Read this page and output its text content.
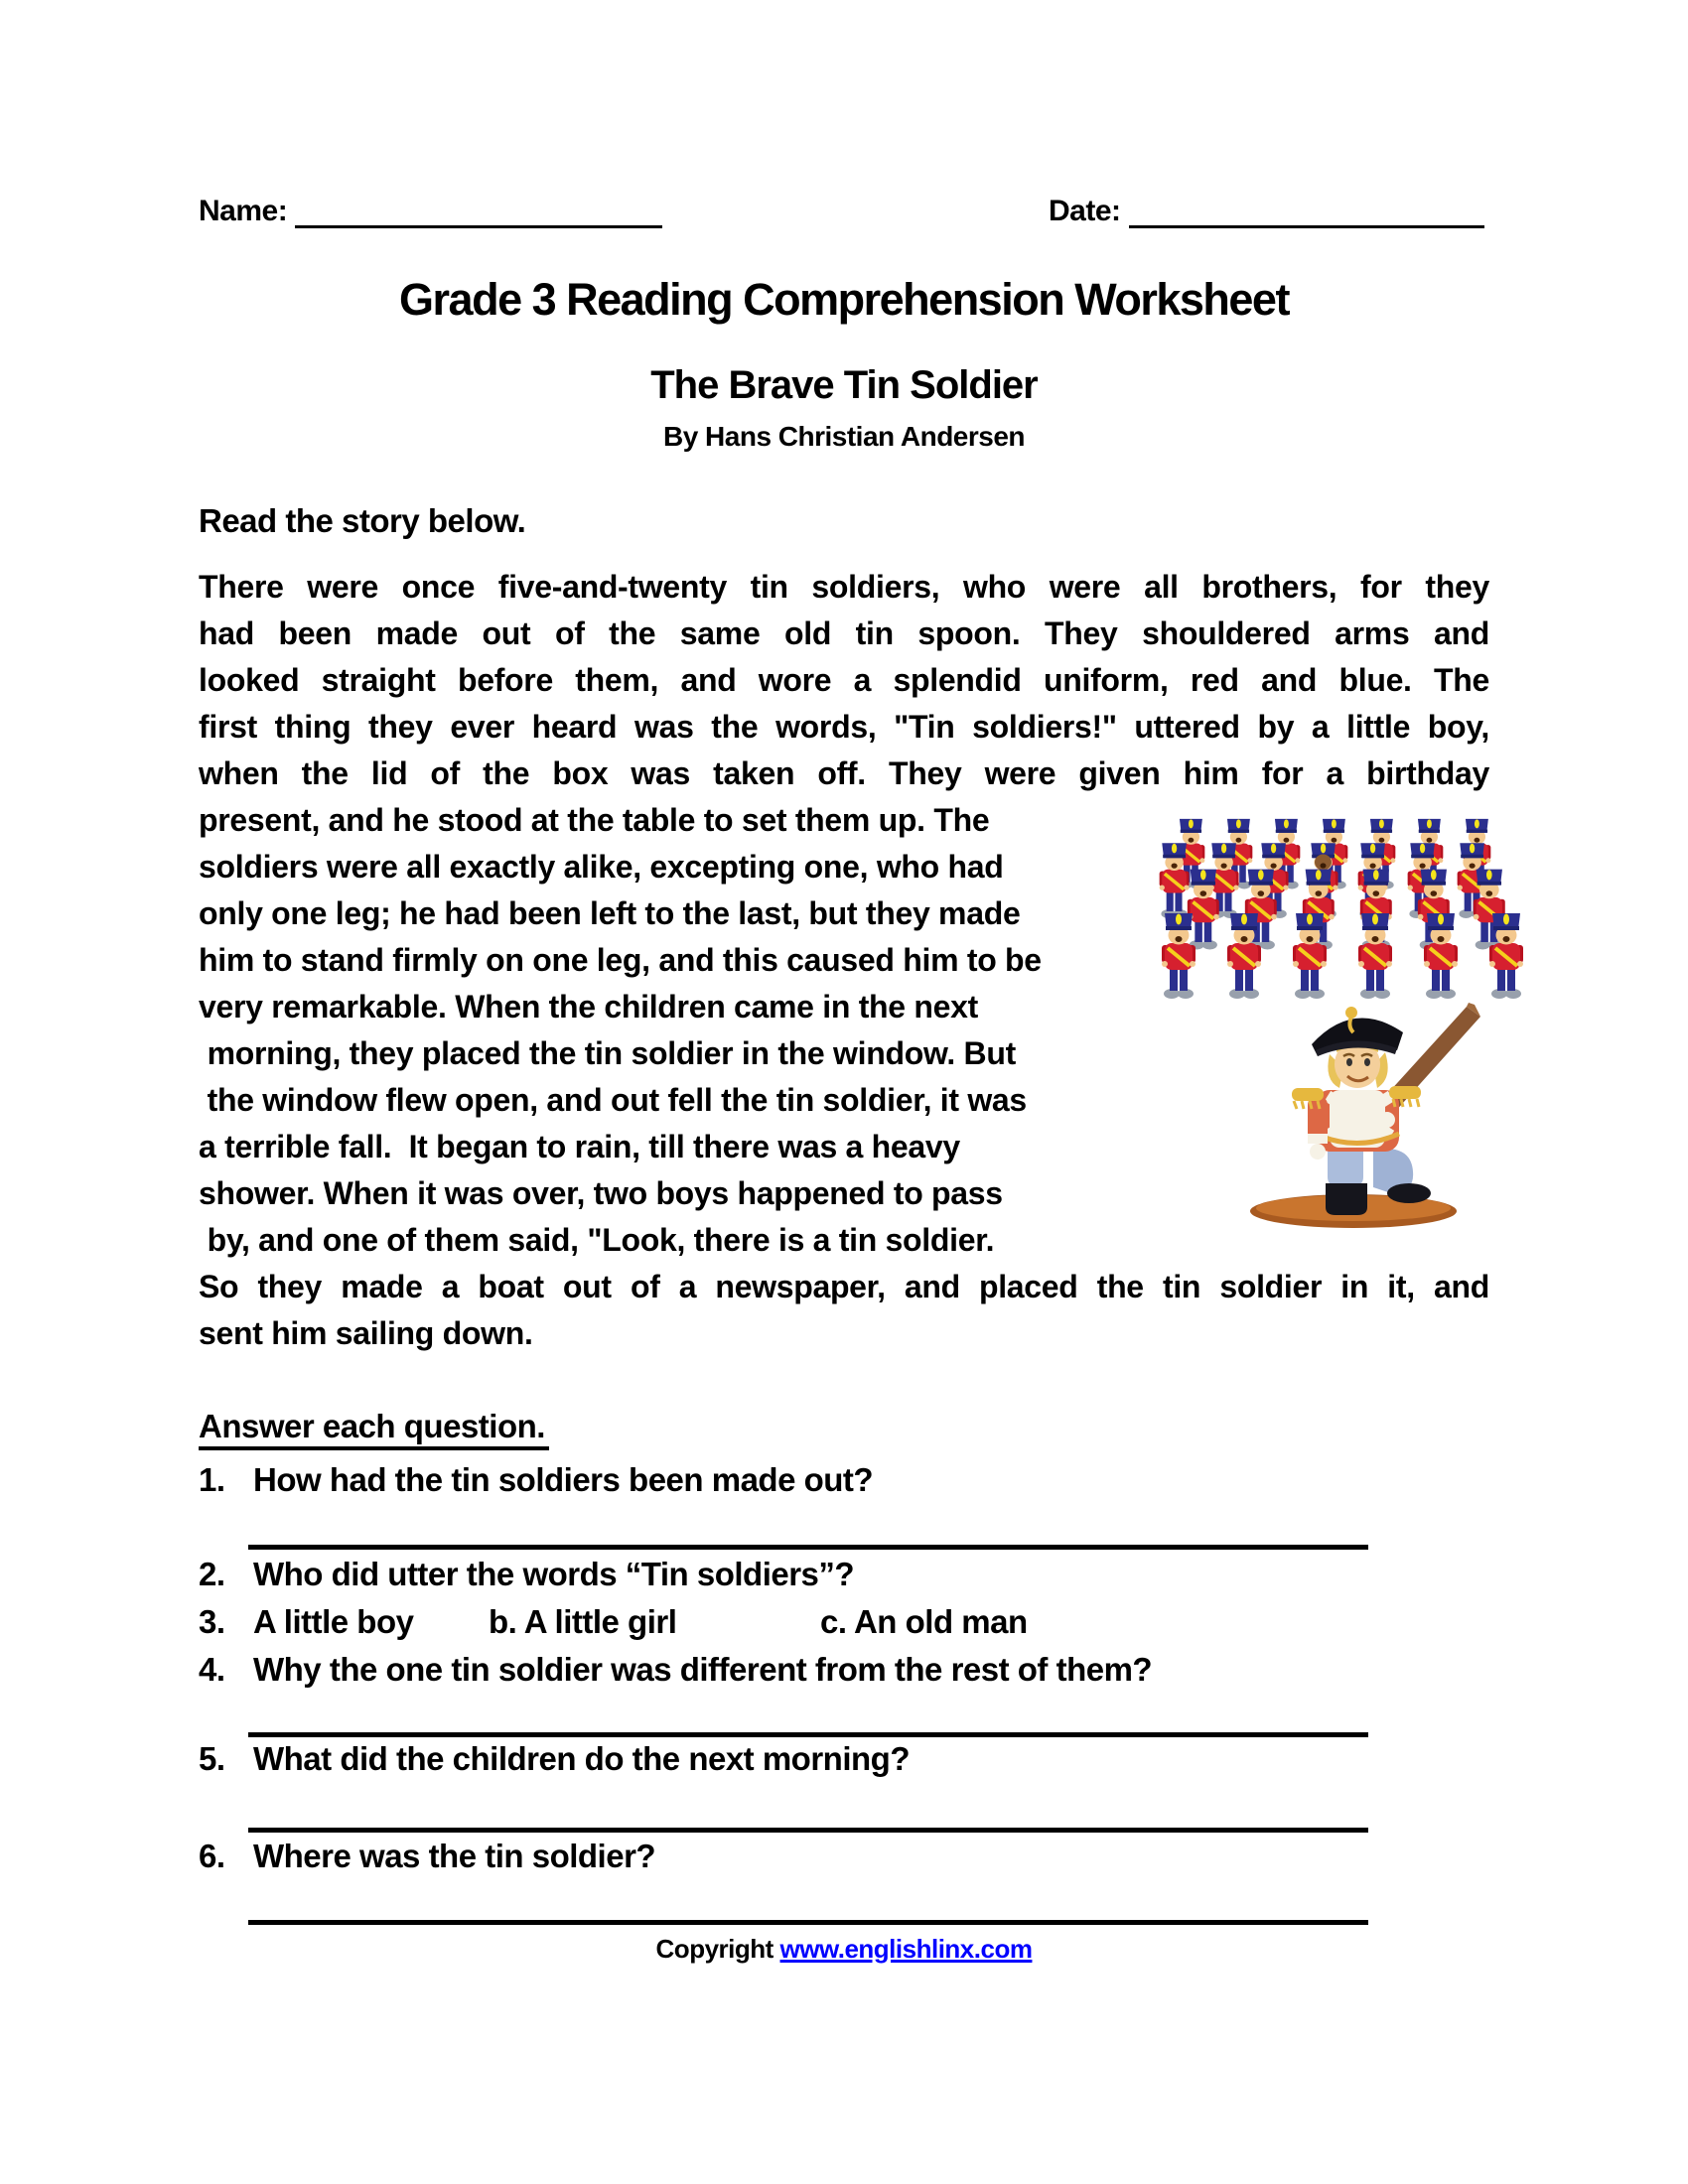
Name:	Date:
Grade 3 Reading Comprehension Worksheet
The Brave Tin Soldier
By Hans Christian Andersen
Read the story below.
There were once five-and-twenty tin soldiers, who were all brothers, for they
had been made out of the same old tin spoon. They shouldered arms and
looked straight before them, and wore a splendid uniform, red and blue. The
first thing they ever heard was the words, "Tin soldiers!" uttered by a little boy,
when the lid of the box was taken off. They were given him for a birthday
present, and he stood at the table to set them up. The
soldiers were all exactly alike, excepting one, who had
only one leg; he had been left to the last, but they made
him to stand firmly on one leg, and this caused him to be
very remarkable. When the children came in the next
morning, they placed the tin soldier in the window. But
the window flew open, and out fell the tin soldier, it was
a terrible fall.  It began to rain, till there was a heavy
shower. When it was over, two boys happened to pass
by, and one of them said, "Look, there is a tin soldier.
So they made a boat out of a newspaper, and placed the tin soldier in it, and
sent him sailing down.
Answer each question.
1. How had the tin soldiers been made out?
2. Who did utter the words “Tin soldiers”?
3. A little boy b. A little girl	c. An old man
4. Why the one tin soldier was different from the rest of them?
5. What did the children do the next morning?
6. Where was the tin soldier?
Copyright www.englishlinx.com
